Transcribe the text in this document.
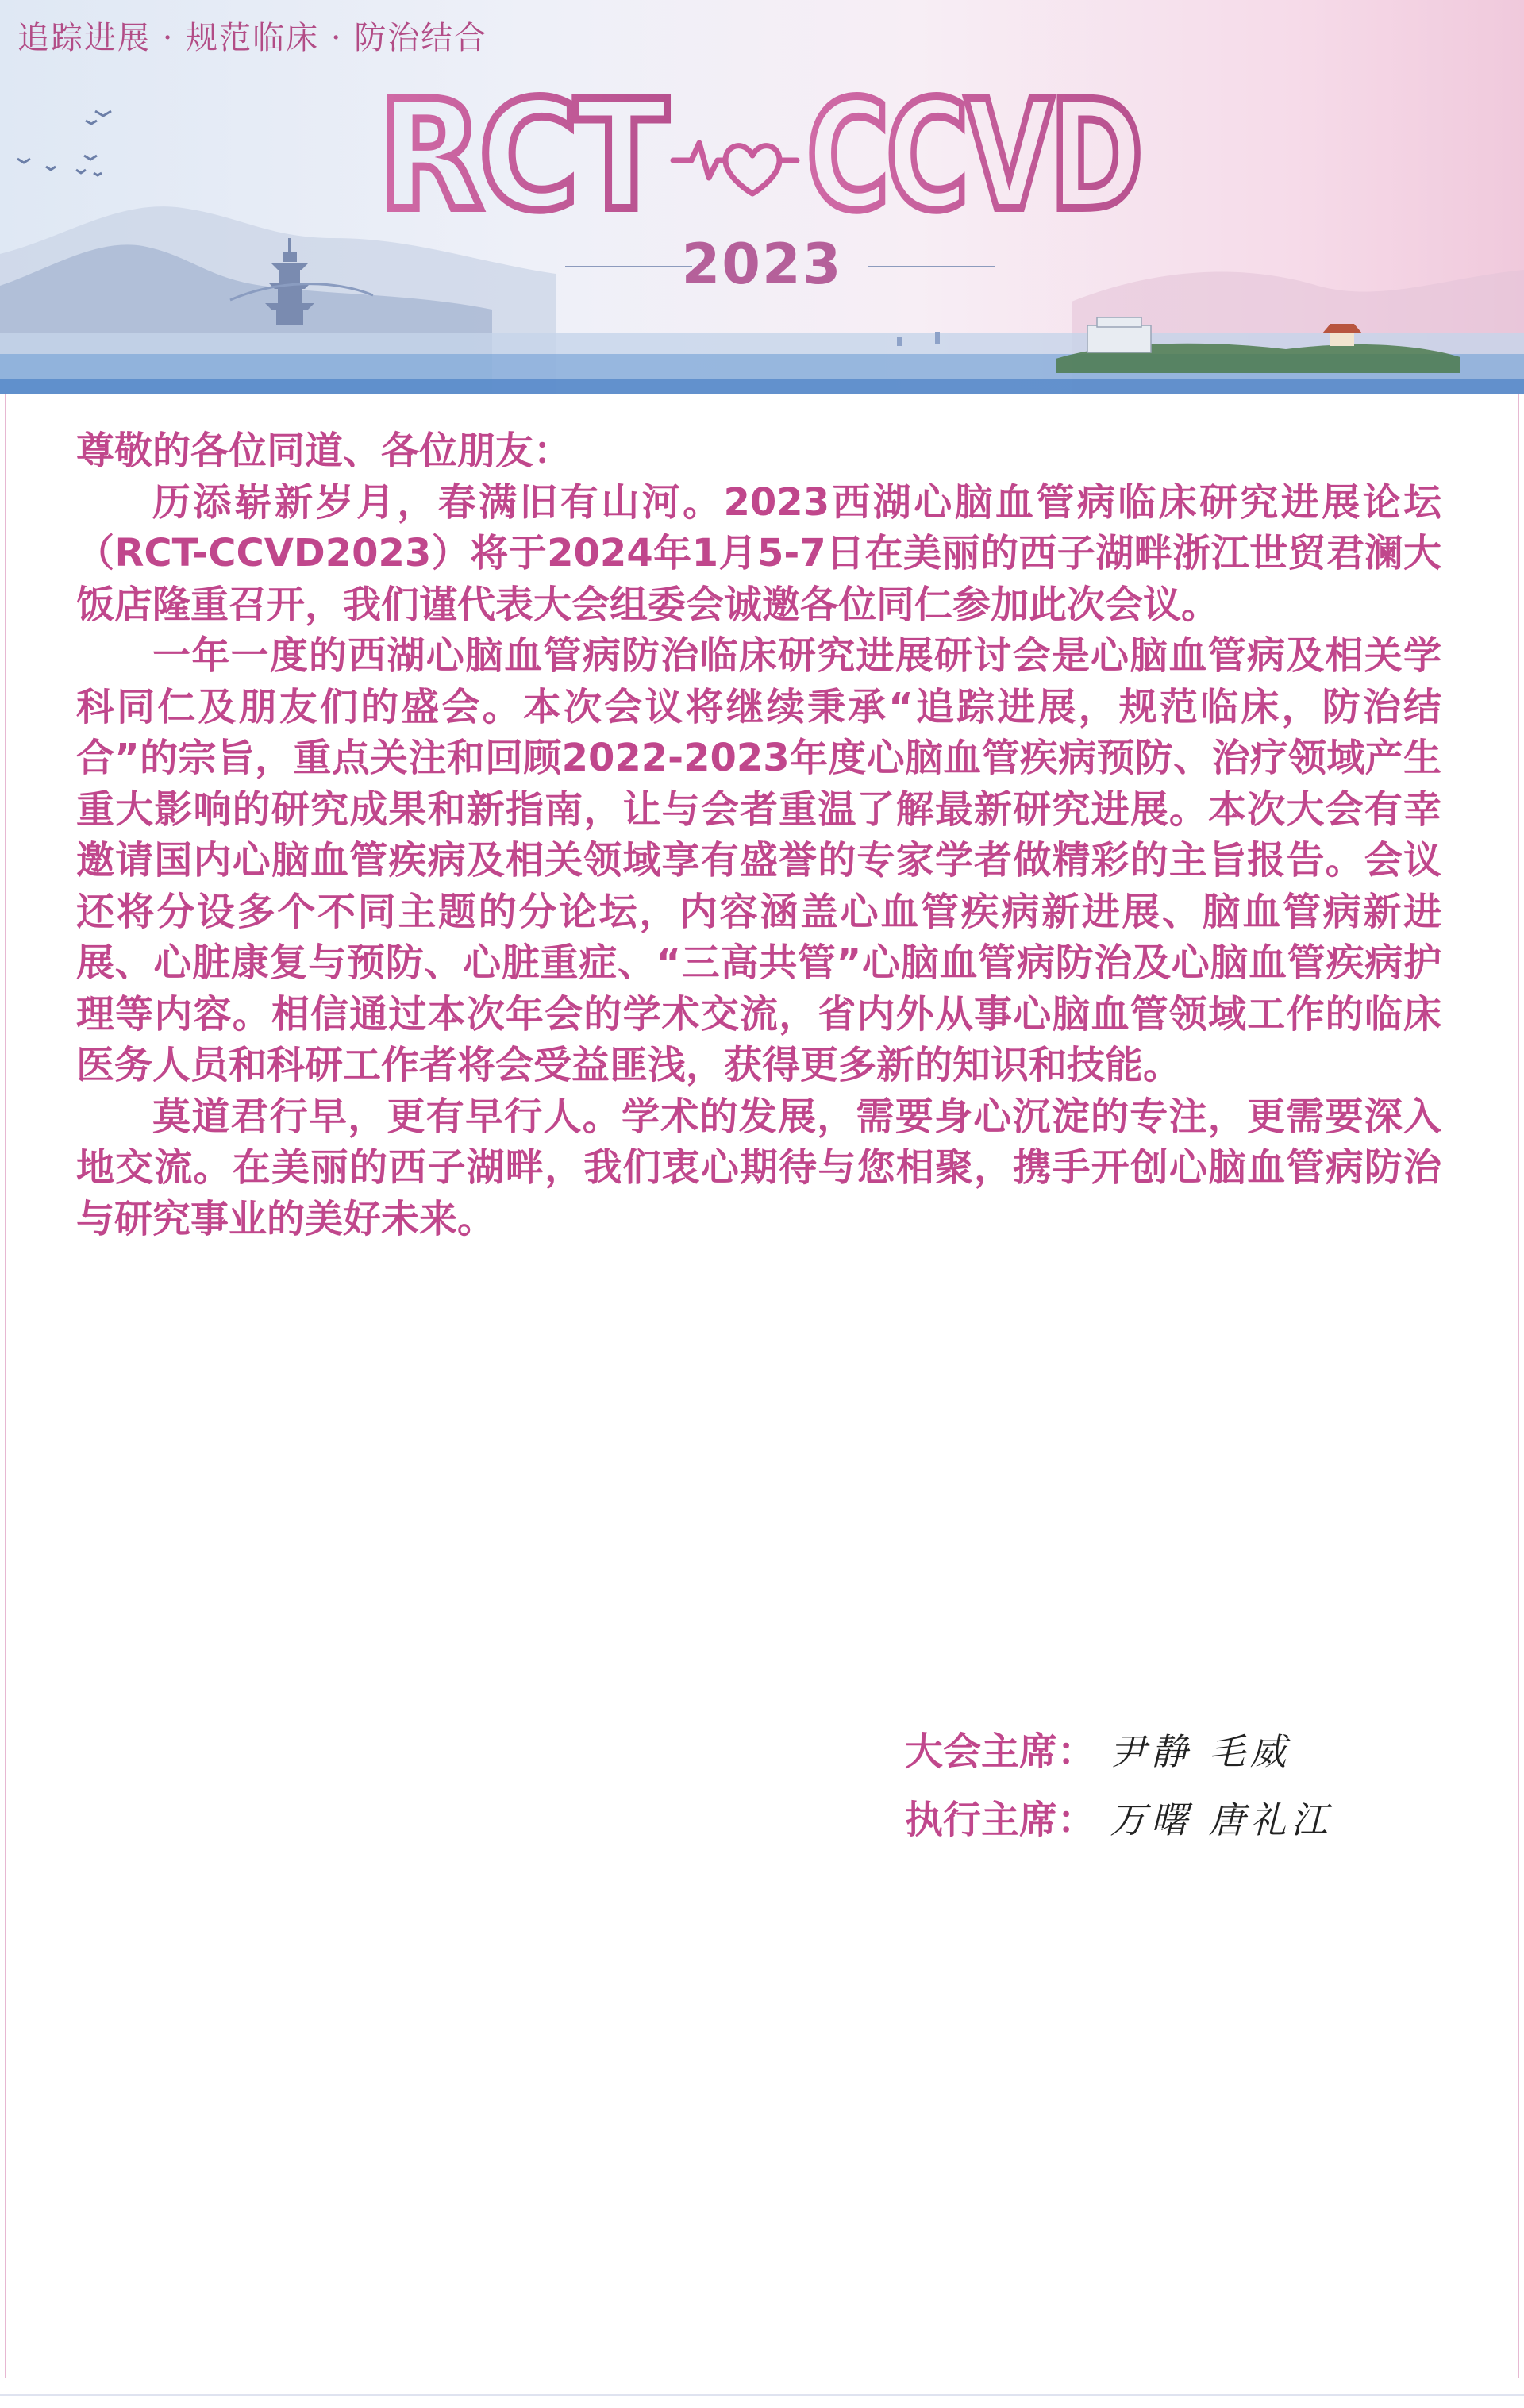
追踪进展 · 规范临床 · 防治结合
RCT CCVD
2023

尊敬的各位同道、各位朋友：

历添崭新岁月，春满旧有山河。2023西湖心脑血管病临床研究进展论坛（RCT-CCVD2023）将于2024年1月5-7日在美丽的西子湖畔浙江世贸君澜大饭店隆重召开，我们谨代表大会组委会诚邀各位同仁参加此次会议。

一年一度的西湖心脑血管病防治临床研究进展研讨会是心脑血管病及相关学科同仁及朋友们的盛会。本次会议将继续秉承“追踪进展，规范临床，防治结合”的宗旨，重点关注和回顾2022-2023年度心脑血管疾病预防、治疗领域产生重大影响的研究成果和新指南，让与会者重温了解最新研究进展。本次大会有幸邀请国内心脑血管疾病及相关领域享有盛誉的专家学者做精彩的主旨报告。会议还将分设多个不同主题的分论坛，内容涵盖心血管疾病新进展、脑血管病新进展、心脏康复与预防、心脏重症、“三高共管”心脑血管病防治及心脑血管疾病护理等内容。相信通过本次年会的学术交流，省内外从事心脑血管领域工作的临床医务人员和科研工作者将会受益匪浅，获得更多新的知识和技能。

莫道君行早，更有早行人。学术的发展，需要身心沉淀的专注，更需要深入地交流。在美丽的西子湖畔，我们衷心期待与您相聚，携手开创心脑血管病防治与研究事业的美好未来。

大会主席： 尹静 毛威
执行主席： 万曙 唐礼江
